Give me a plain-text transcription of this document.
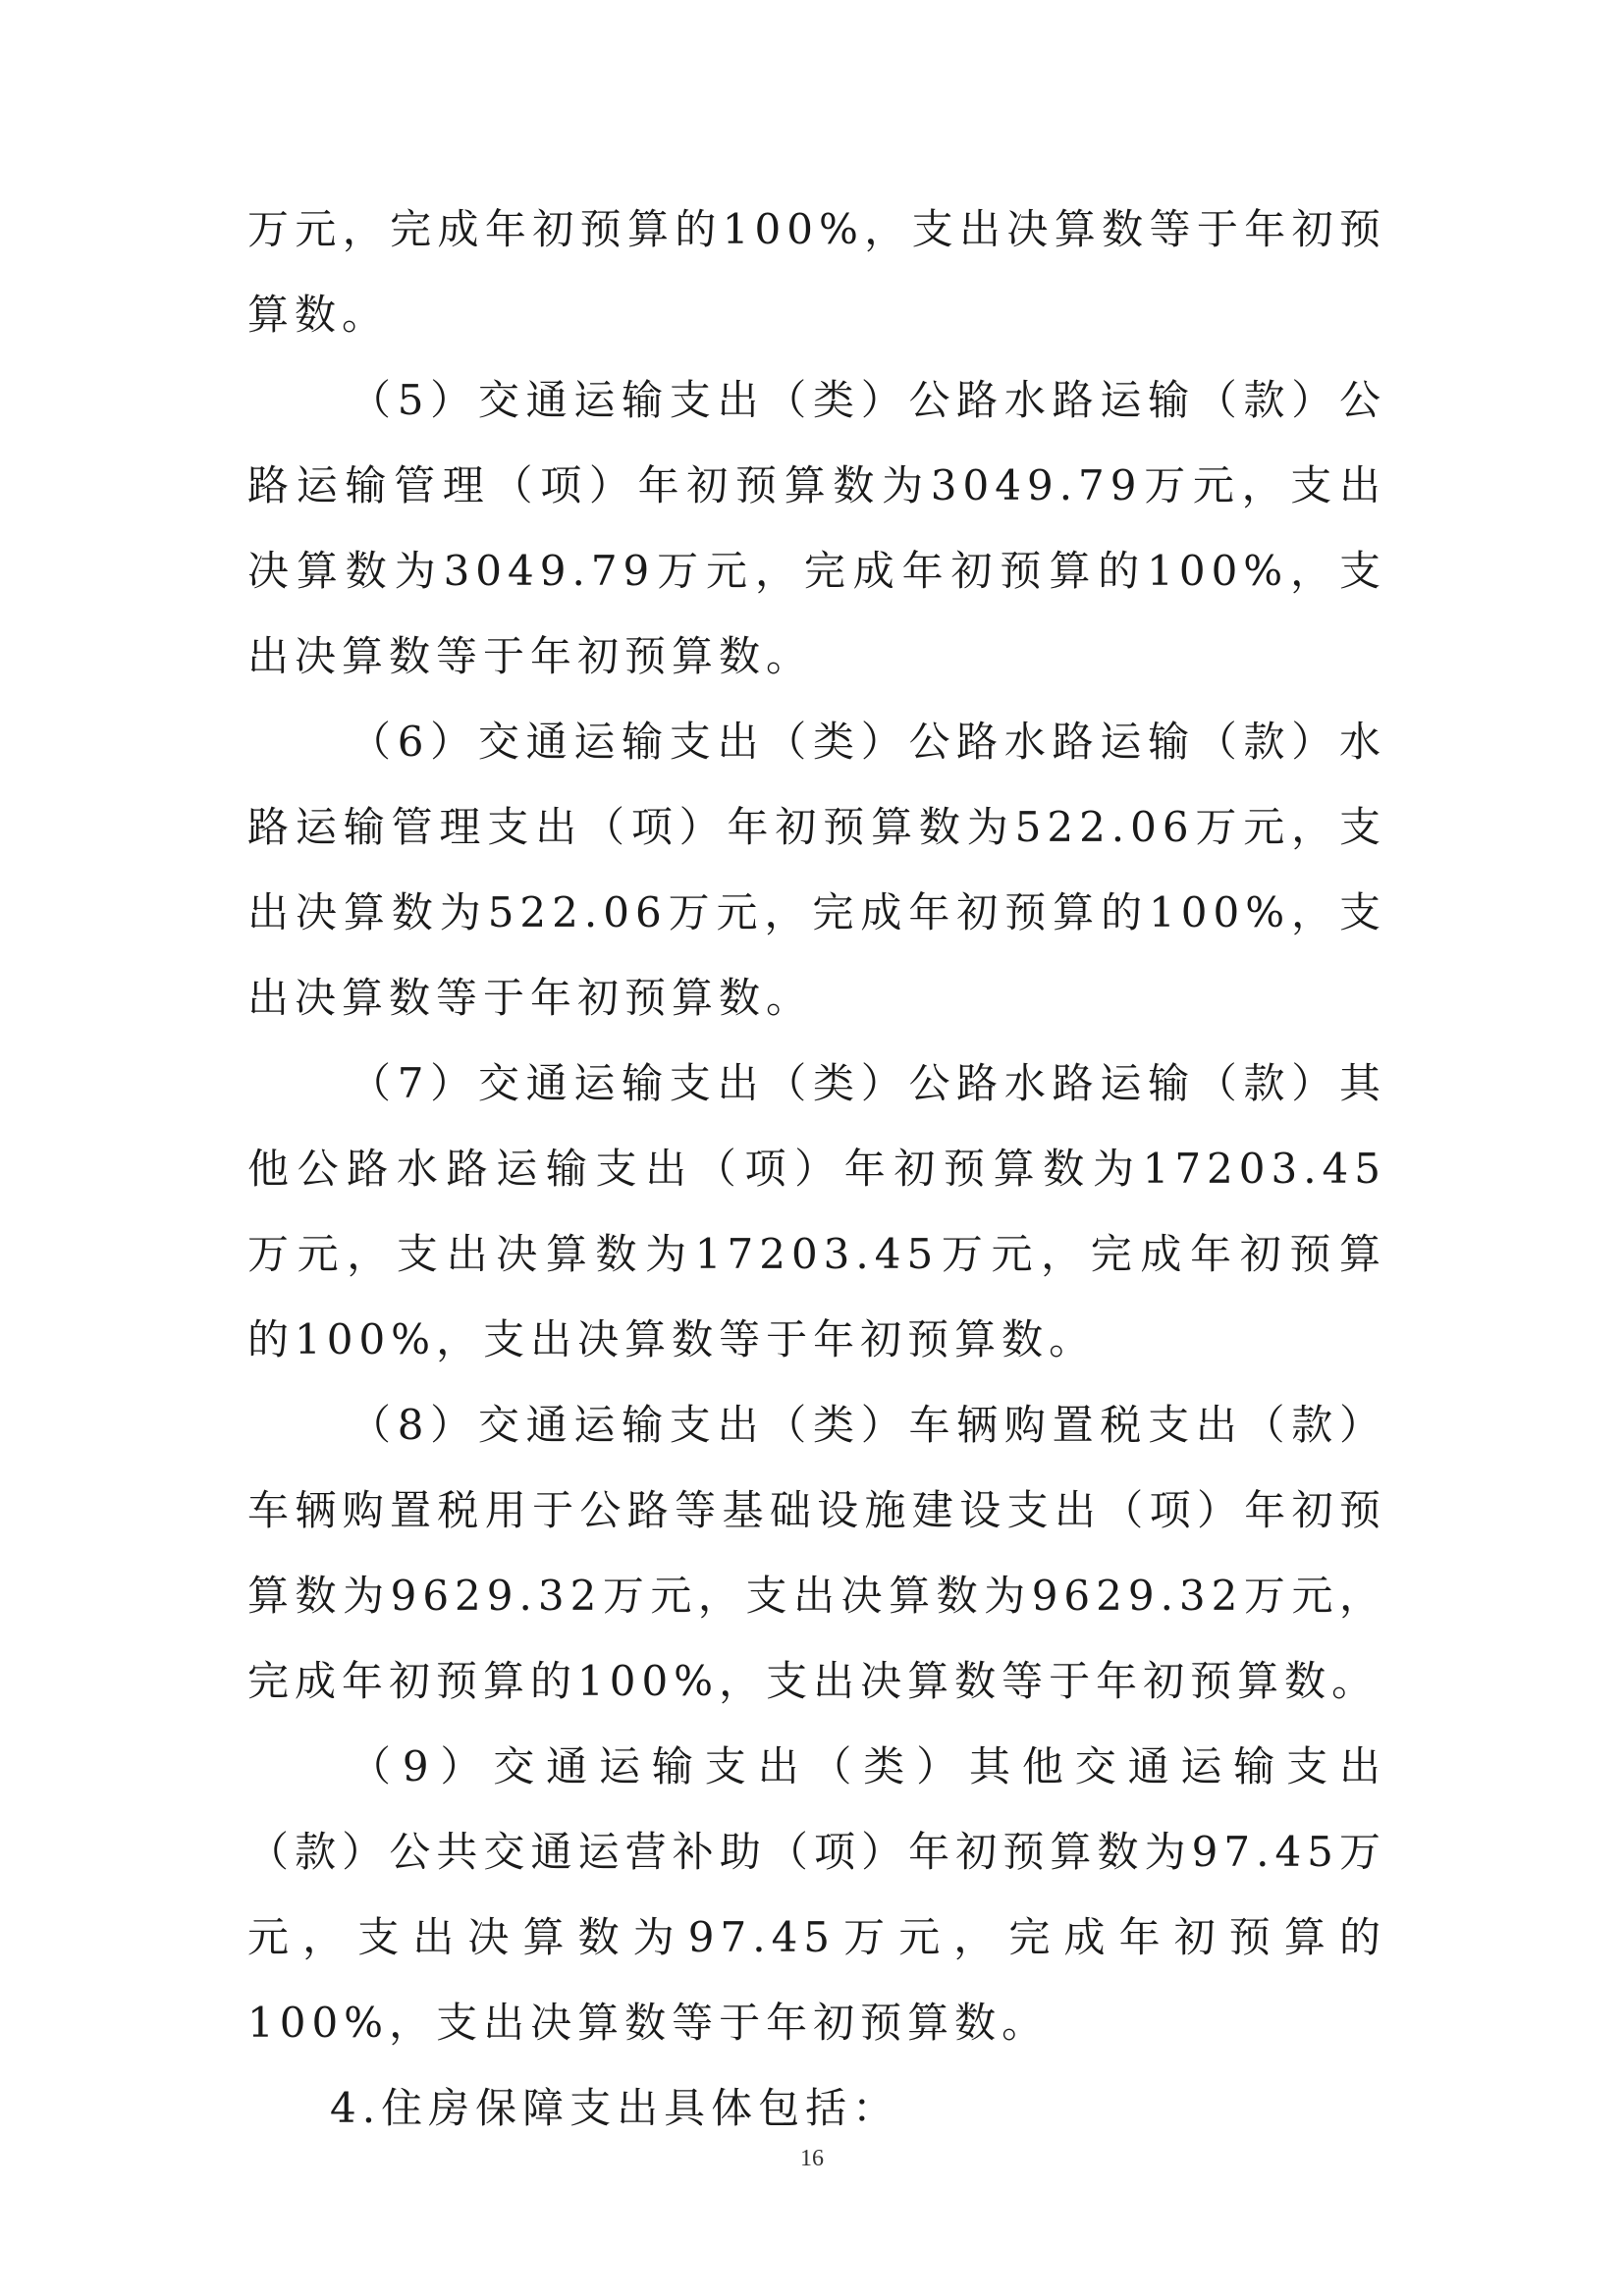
万元，完成年初预算的100%，支出决算数等于年初预算数。

（5）交通运输支出（类）公路水路运输（款）公路运输管理（项）年初预算数为3049.79万元，支出决算数为3049.79万元，完成年初预算的100%，支出决算数等于年初预算数。

（6）交通运输支出（类）公路水路运输（款）水路运输管理支出（项）年初预算数为522.06万元，支出决算数为522.06万元，完成年初预算的100%，支出决算数等于年初预算数。

（7）交通运输支出（类）公路水路运输（款）其他公路水路运输支出（项）年初预算数为17203.45万元，支出决算数为17203.45万元，完成年初预算的100%，支出决算数等于年初预算数。

（8）交通运输支出（类）车辆购置税支出（款）车辆购置税用于公路等基础设施建设支出（项）年初预算数为9629.32万元，支出决算数为9629.32万元，完成年初预算的100%，支出决算数等于年初预算数。

（9）交通运输支出（类）其他交通运输支出（款）公共交通运营补助（项）年初预算数为97.45万元，支出决算数为97.45万元，完成年初预算的100%，支出决算数等于年初预算数。

4.住房保障支出具体包括：

16
